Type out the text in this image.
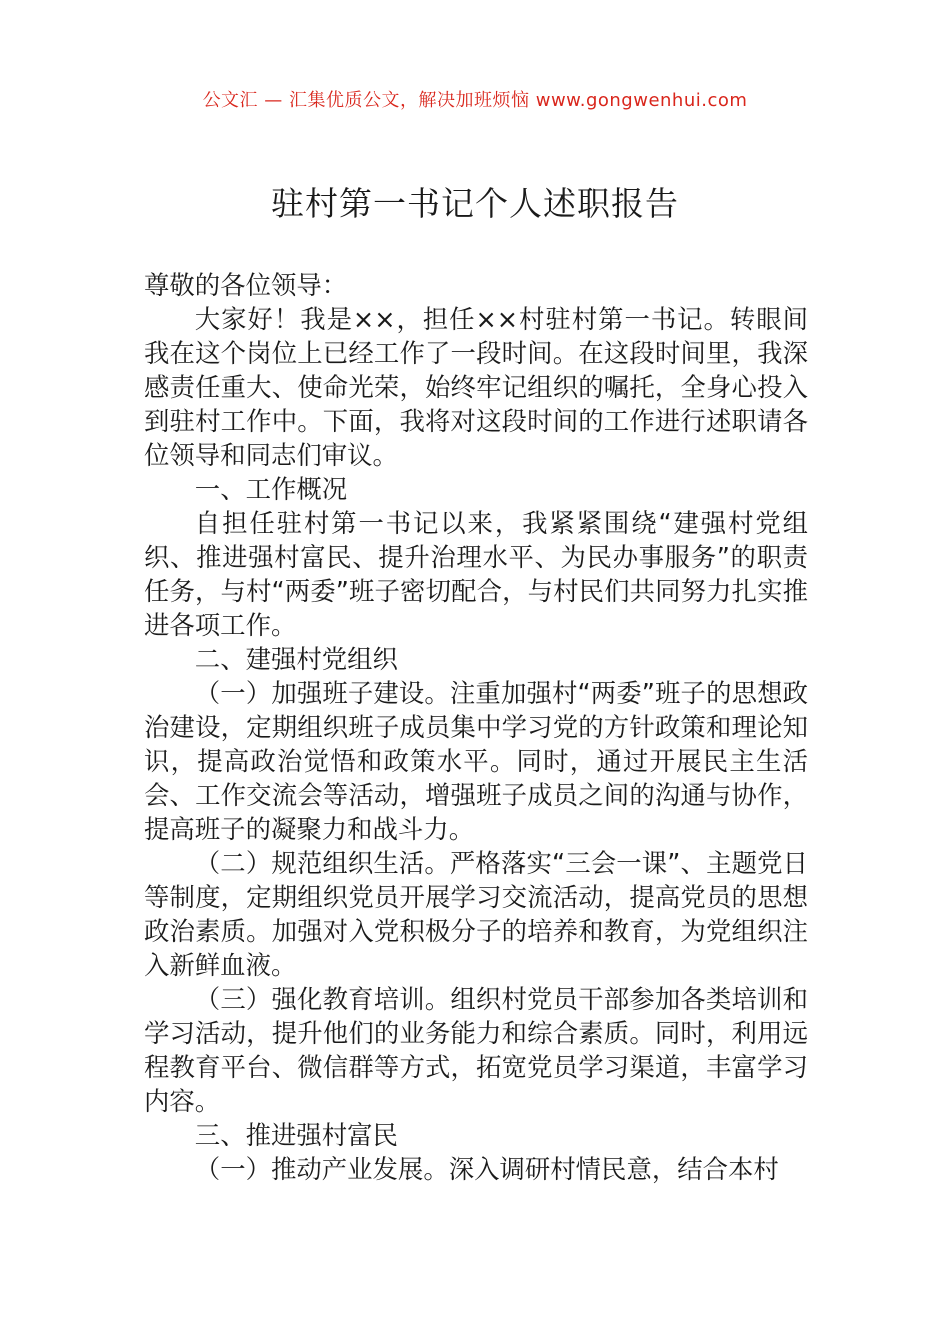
公文汇 — 汇集优质公文，解决加班烦恼 www.gongwenhui.com
驻村第一书记个人述职报告

尊敬的各位领导：

大家好！我是××，担任××村驻村第一书记。转眼间我在这个岗位上已经工作了一段时间。在这段时间里，我深感责任重大、使命光荣，始终牢记组织的嘱托，全身心投入到驻村工作中。下面，我将对这段时间的工作进行述职请各位领导和同志们审议。

一、工作概况

自担任驻村第一书记以来，我紧紧围绕“建强村党组织、推进强村富民、提升治理水平、为民办事服务”的职责任务，与村“两委”班子密切配合，与村民们共同努力扎实推进各项工作。

二、建强村党组织

（一）加强班子建设。注重加强村“两委”班子的思想政治建设，定期组织班子成员集中学习党的方针政策和理论知识，提高政治觉悟和政策水平。同时，通过开展民主生活会、工作交流会等活动，增强班子成员之间的沟通与协作，提高班子的凝聚力和战斗力。

（二）规范组织生活。严格落实“三会一课”、主题党日等制度，定期组织党员开展学习交流活动，提高党员的思想政治素质。加强对入党积极分子的培养和教育，为党组织注入新鲜血液。

（三）强化教育培训。组织村党员干部参加各类培训和学习活动，提升他们的业务能力和综合素质。同时，利用远程教育平台、微信群等方式，拓宽党员学习渠道，丰富学习内容。

三、推进强村富民

（一）推动产业发展。深入调研村情民意，结合本村
